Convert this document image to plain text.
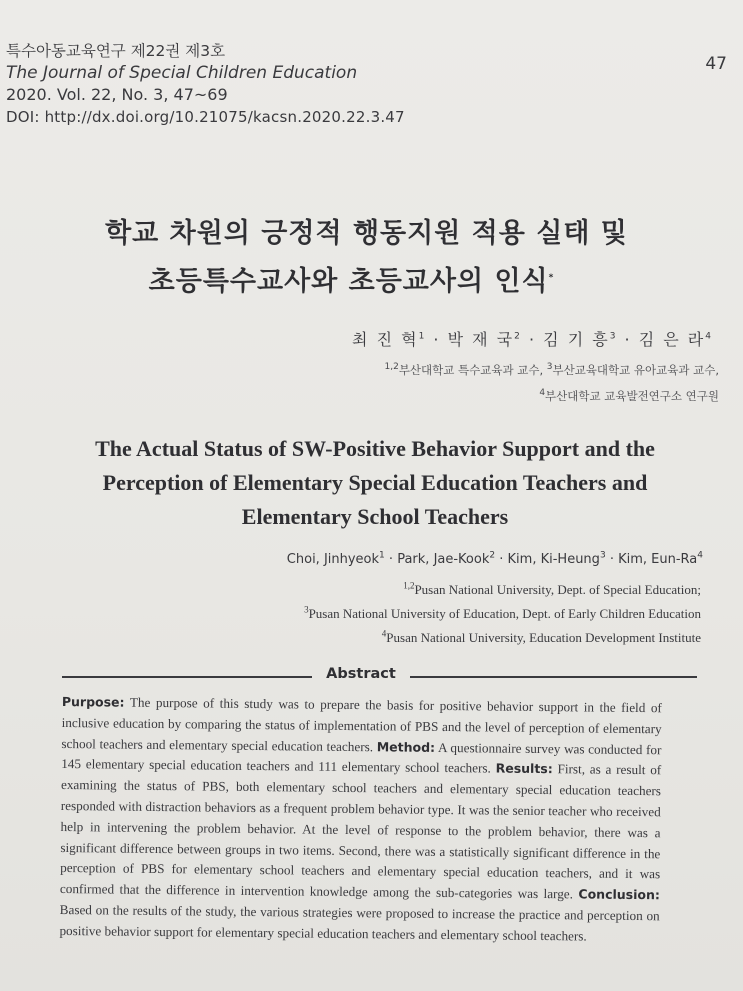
특수아동교육연구 제22권 제3호
The Journal of Special Children Education
2020. Vol. 22, No. 3, 47~69
DOI: http://dx.doi.org/10.21075/kacsn.2020.22.3.47
47
학교 차원의 긍정적 행동지원 적용 실태 및
초등특수교사와 초등교사의 인식*
최 진 혁$^1$ · 박 재 국$^2$ · 김 기 흥$^3$ · 김 은 라$^4$
$^{1,2}$부산대학교 특수교육과 교수, $^3$부산교육대학교 유아교육과 교수,
$^4$부산대학교 교육발전연구소 연구원
The Actual Status of SW-Positive Behavior Support and the
Perception of Elementary Special Education Teachers and
Elementary School Teachers
Choi, Jinhyeok$^1$ · Park, Jae-Kook$^2$ · Kim, Ki-Heung$^3$ · Kim, Eun-Ra$^4$
$^{1,2}$Pusan National University, Dept. of Special Education;
$^3$Pusan National University of Education, Dept. of Early Children Education
$^4$Pusan National University, Education Development Institute
Abstract
Purpose: The purpose of this study was to prepare the basis for positive behavior support in the field of inclusive education by comparing the status of implementation of PBS and the level of perception of elementary school teachers and elementary special education teachers. Method: A questionnaire survey was conducted for 145 elementary special education teachers and 111 elementary school teachers. Results: First, as a result of examining the status of PBS, both elementary school teachers and elementary special education teachers responded with distraction behaviors as a frequent problem behavior type. It was the senior teacher who received help in intervening the problem behavior. At the level of response to the problem behavior, there was a significant difference between groups in two items. Second, there was a statistically significant difference in the perception of PBS for elementary school teachers and elementary special education teachers, and it was confirmed that the difference in intervention knowledge among the sub-categories was large. Conclusion: Based on the results of the study, the various strategies were proposed to increase the practice and perception on positive behavior support for elementary special education teachers and elementary school teachers.
